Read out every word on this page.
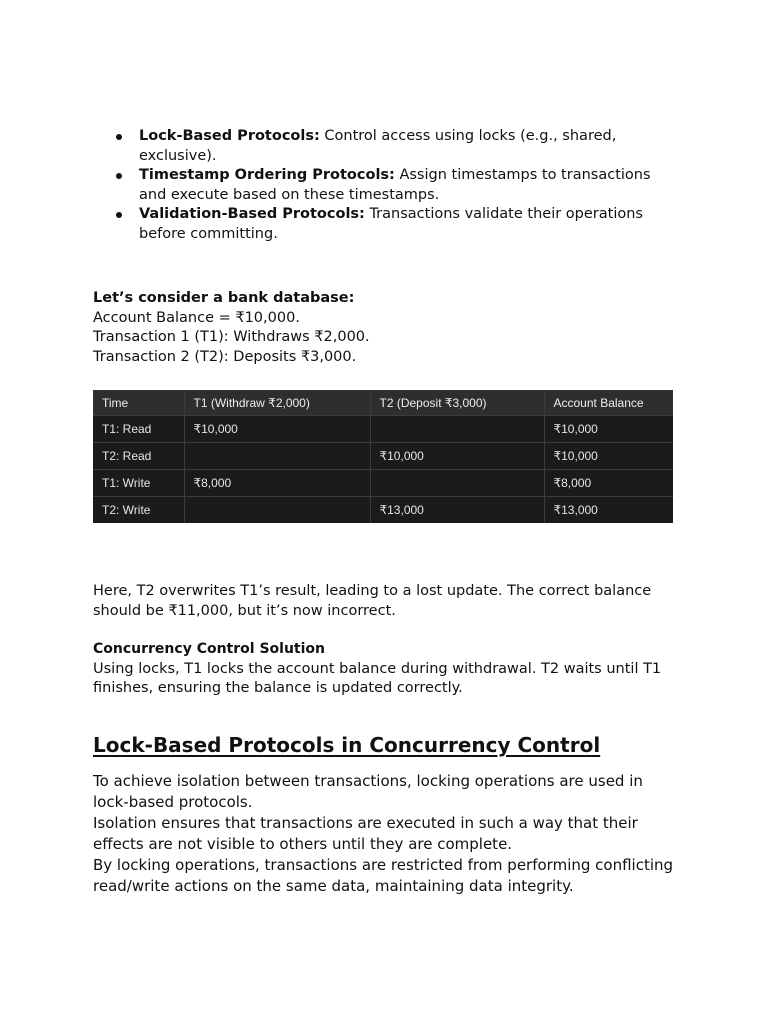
Lock-Based Protocols: Control access using locks (e.g., shared, exclusive).
Timestamp Ordering Protocols: Assign timestamps to transactions and execute based on these timestamps.
Validation-Based Protocols: Transactions validate their operations before committing.
Let’s consider a bank database:
Account Balance = ₹10,000.
Transaction 1 (T1): Withdraws ₹2,000.
Transaction 2 (T2): Deposits ₹3,000.
Time	T1 (Withdraw ₹2,000)	T2 (Deposit ₹3,000)	Account Balance
T1: Read	₹10,000		₹10,000
T2: Read		₹10,000	₹10,000
T1: Write	₹8,000		₹8,000
T2: Write		₹13,000	₹13,000
Here, T2 overwrites T1’s result, leading to a lost update. The correct balance should be ₹11,000, but it’s now incorrect.
Concurrency Control Solution
Using locks, T1 locks the account balance during withdrawal. T2 waits until T1 finishes, ensuring the balance is updated correctly.
Lock-Based Protocols in Concurrency Control
To achieve isolation between transactions, locking operations are used in lock-based protocols.
Isolation ensures that transactions are executed in such a way that their effects are not visible to others until they are complete.
By locking operations, transactions are restricted from performing conflicting read/write actions on the same data, maintaining data integrity.
